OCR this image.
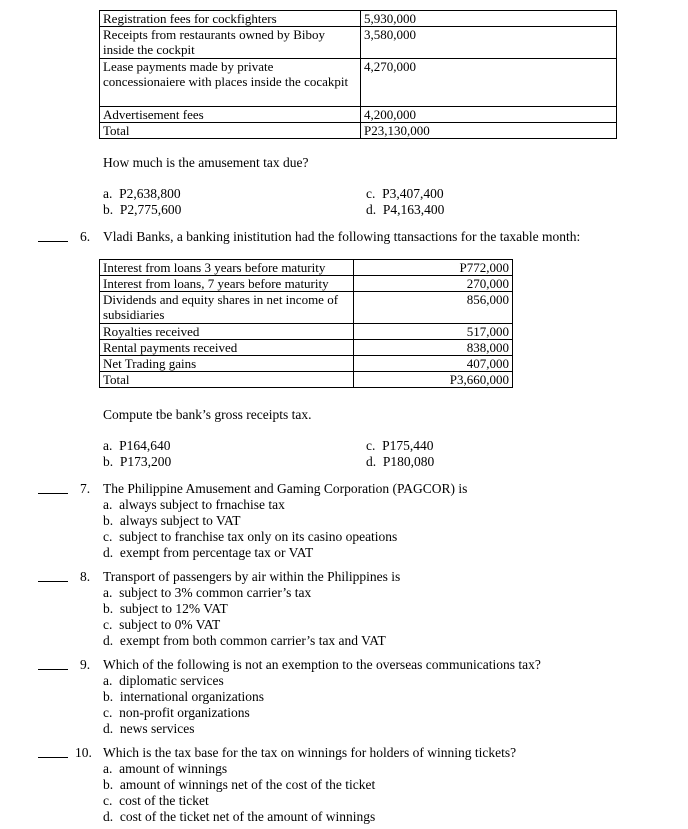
Registration fees for cockfighters	5,930,000
Receipts from restaurants owned by Biboy inside the cockpit	3,580,000
Lease payments made by private concessionaiere with places inside the cocakpit	4,270,000
Advertisement fees	4,200,000
Total	P23,130,000
How much is the amusement tax due?
a. P2,638,800
b. P2,775,600
c. P3,407,400
d. P4,163,400
6. Vladi Banks, a banking inistitution had the following ttansactions for the taxable month:
Interest from loans 3 years before maturity	P772,000
Interest from loans, 7 years before maturity	270,000
Dividends and equity shares in net income of subsidiaries	856,000
Royalties received	517,000
Rental payments received	838,000
Net Trading gains	407,000
Total	P3,660,000
Compute tbe bank’s gross receipts tax.
a. P164,640
b. P173,200
c. P175,440
d. P180,080
7. The Philippine Amusement and Gaming Corporation (PAGCOR) is
a. always subject to frnachise tax
b. always subject to VAT
c. subject to franchise tax only on its casino opeations
d. exempt from percentage tax or VAT
8. Transport of passengers by air within the Philippines is
a. subject to 3% common carrier’s tax
b. subject to 12% VAT
c. subject to 0% VAT
d. exempt from both common carrier’s tax and VAT
9. Which of the following is not an exemption to the overseas communications tax?
a. diplomatic services
b. international organizations
c. non-profit organizations
d. news services
10. Which is the tax base for the tax on winnings for holders of winning tickets?
a. amount of winnings
b. amount of winnings net of the cost of the ticket
c. cost of the ticket
d. cost of the ticket net of the amount of winnings
